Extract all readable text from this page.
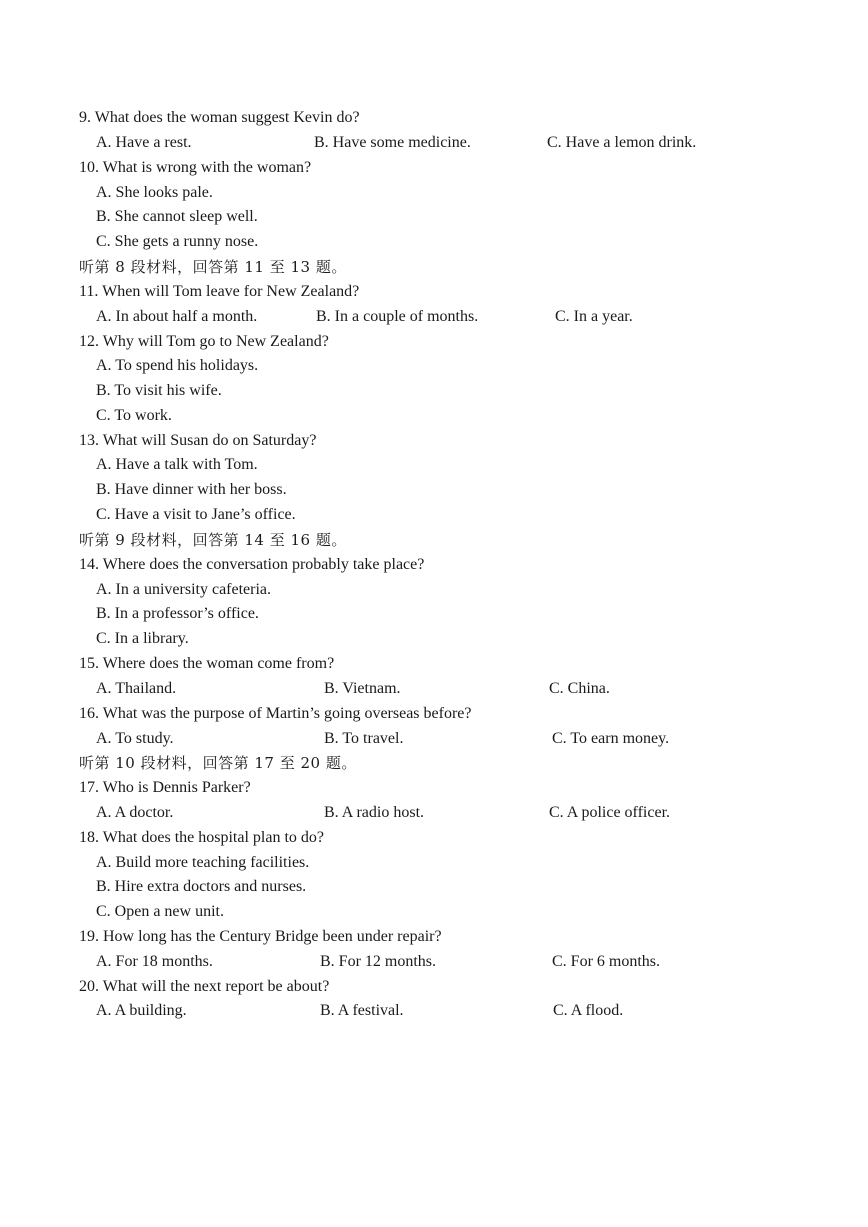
9. What does the woman suggest Kevin do?
A. Have a rest.	B. Have some medicine.	C. Have a lemon drink.
10. What is wrong with the woman?
A. She looks pale.
B. She cannot sleep well.
C. She gets a runny nose.
听第 8 段材料，回答第 11 至 13 题。
11. When will Tom leave for New Zealand?
A. In about half a month.	B. In a couple of months.	C. In a year.
12. Why will Tom go to New Zealand?
A. To spend his holidays.
B. To visit his wife.
C. To work.
13. What will Susan do on Saturday?
A. Have a talk with Tom.
B. Have dinner with her boss.
C. Have a visit to Jane’s office.
听第 9 段材料，回答第 14 至 16 题。
14. Where does the conversation probably take place?
A. In a university cafeteria.
B. In a professor’s office.
C. In a library.
15. Where does the woman come from?
A. Thailand.	B. Vietnam.	C. China.
16. What was the purpose of Martin’s going overseas before?
A. To study.	B. To travel.	C. To earn money.
听第 10 段材料，回答第 17 至 20 题。
17. Who is Dennis Parker?
A. A doctor.	B. A radio host.	C. A police officer.
18. What does the hospital plan to do?
A. Build more teaching facilities.
B. Hire extra doctors and nurses.
C. Open a new unit.
19. How long has the Century Bridge been under repair?
A. For 18 months.	B. For 12 months.	C. For 6 months.
20. What will the next report be about?
A. A building.	B. A festival.	C. A flood.
